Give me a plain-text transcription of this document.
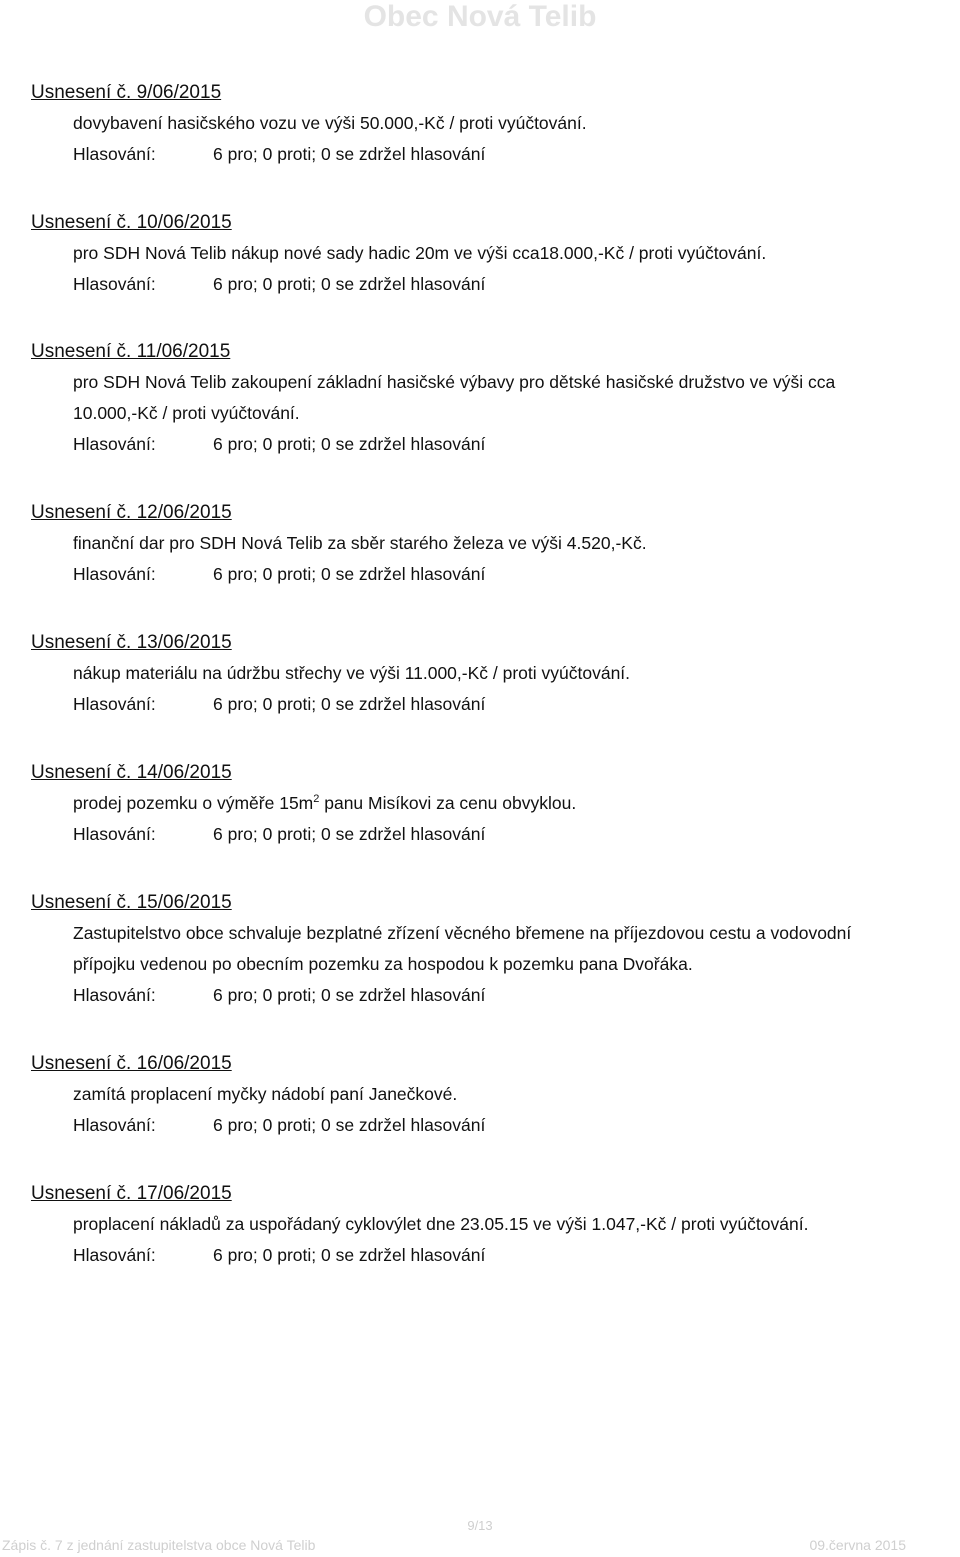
Obec Nová Telib
Usnesení č. 9/06/2015
dovybavení hasičského vozu ve výši 50.000,-Kč / proti vyúčtování.
Hlasování:	6 pro; 0 proti; 0 se zdržel hlasování
Usnesení č. 10/06/2015
pro SDH Nová Telib nákup nové sady hadic 20m ve výši cca18.000,-Kč / proti vyúčtování.
Hlasování:	6 pro; 0 proti; 0 se zdržel hlasování
Usnesení č. 11/06/2015
pro SDH Nová Telib zakoupení základní hasičské výbavy pro dětské hasičské družstvo ve výši cca
10.000,-Kč / proti vyúčtování.
Hlasování:	6 pro; 0 proti; 0 se zdržel hlasování
Usnesení č. 12/06/2015
finanční dar pro SDH Nová Telib za sběr starého železa ve výši 4.520,-Kč.
Hlasování:	6 pro; 0 proti; 0 se zdržel hlasování
Usnesení č. 13/06/2015
nákup materiálu na údržbu střechy ve výši 11.000,-Kč / proti vyúčtování.
Hlasování:	6 pro; 0 proti; 0 se zdržel hlasování
Usnesení č. 14/06/2015
prodej pozemku o výměře $15m^2$ panu Misíkovi za cenu obvyklou.
Hlasování:	6 pro; 0 proti; 0 se zdržel hlasování
Usnesení č. 15/06/2015
Zastupitelstvo obce schvaluje bezplatné zřízení věcného břemene na příjezdovou cestu a vodovodní
přípojku vedenou po obecním pozemku za hospodou k pozemku pana Dvořáka.
Hlasování:	6 pro; 0 proti; 0 se zdržel hlasování
Usnesení č. 16/06/2015
zamítá proplacení myčky nádobí paní Janečkové.
Hlasování:	6 pro; 0 proti; 0 se zdržel hlasování
Usnesení č. 17/06/2015
proplacení nákladů za uspořádaný cyklovýlet dne 23.05.15 ve výši 1.047,-Kč / proti vyúčtování.
Hlasování:	6 pro; 0 proti; 0 se zdržel hlasování
9/13
Zápis č. 7 z jednání zastupitelstva obce Nová Telib	09.června 2015
